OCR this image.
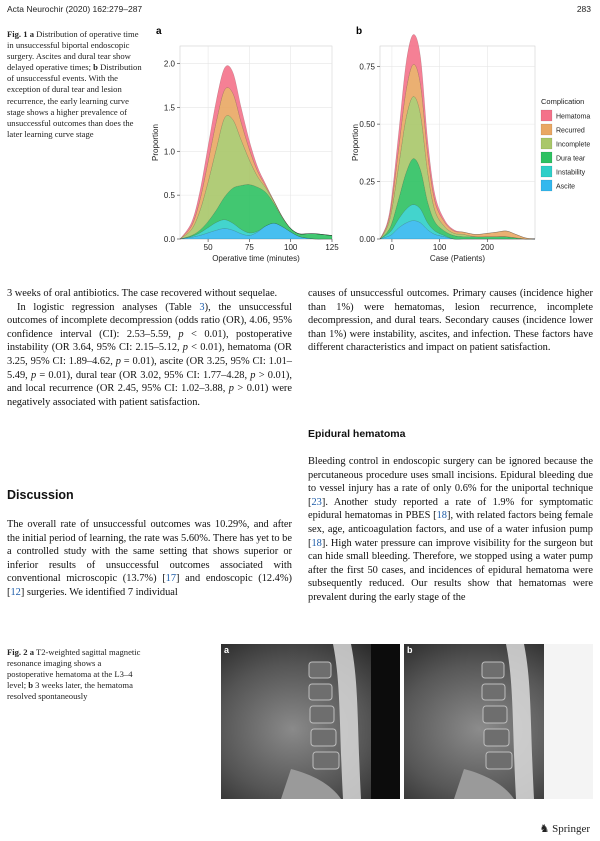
Acta Neurochir (2020) 162:279–287	283
Fig. 1 a Distribution of operative time in unsuccessful biportal endoscopic surgery. Ascites and dural tear show delayed operative times; b Distribution of unsuccessful events. With the exception of dural tear and lesion recurrence, the early learning curve stage shows a higher prevalence of unsuccessful outcomes than does the later learning curve stage
a
0.0
0.5
1.0
1.5
2.0
50	75	100	125
Operative time (minutes)
Proportion
b
0.00
0.25
0.50
0.75
0	100	200
Case (Patients)
Proportion
Complication
Hematoma
Recurred
Incomplete
Dura tear
Instability
Ascite

3 weeks of oral antibiotics. The case recovered without sequelae.

In logistic regression analyses (Table 3), the unsuccessful outcomes of incomplete decompression (odds ratio (OR), 4.06, 95% confidence interval (CI): 2.53–5.59, p < 0.01), postoperative instability (OR 3.64, 95% CI: 2.15–5.12, p < 0.01), hematoma (OR 3.25, 95% CI: 1.89–4.62, p = 0.01), ascite (OR 3.25, 95% CI: 1.01–5.49, p = 0.01), dural tear (OR 3.02, 95% CI: 1.77–4.28, p > 0.01), and local recurrence (OR 2.45, 95% CI: 1.02–3.88, p > 0.01) were negatively associated with patient satisfaction.

Discussion

The overall rate of unsuccessful outcomes was 10.29%, and after the initial period of learning, the rate was 5.60%. There has yet to be a controlled study with the same setting that shows superior or inferior results of unsuccessful outcomes associated with conventional microscopic (13.7%) [17] and endoscopic (12.4%) [12] surgeries. We identified 7 individual

causes of unsuccessful outcomes. Primary causes (incidence higher than 1%) were hematomas, lesion recurrence, incomplete decompression, and dural tears. Secondary causes (incidence lower than 1%) were instability, ascites, and infection. These factors have different characteristics and impact on patient satisfaction.

Epidural hematoma

Bleeding control in endoscopic surgery can be ignored because the percutaneous procedure uses small incisions. Epidural bleeding due to vessel injury has a rate of only 0.6% for the uniportal technique [23]. Another study reported a rate of 1.9% for symptomatic epidural hematomas in PBES [18], with related factors being female sex, age, anticoagulation factors, and use of a water infusion pump [18]. High water pressure can improve visibility for the surgeon but can hide small bleeding. Therefore, we stopped using a water pump after the first 50 cases, and incidences of epidural hematoma were subsequently reduced. Our results show that hematomas were prevalent during the early stage of the

Fig. 2 a T2-weighted sagittal magnetic resonance imaging shows a postoperative hematoma at the L3–4 level; b 3 weeks later, the hematoma resolved spontaneously
a	b
♞ Springer
